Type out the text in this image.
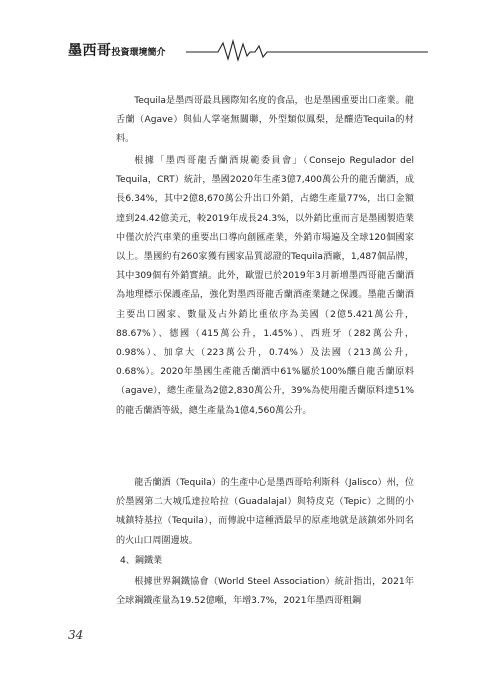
墨西哥投資環境簡介

Tequila是墨西哥最具國際知名度的食品，也是墨國重要出口產業。龍舌蘭（Agave）與仙人掌毫無關聯，外型類似鳳梨，是釀造Tequila的材料。

根據「墨西哥龍舌蘭酒規範委員會」（Consejo Regulador del Tequila，CRT）統計，墨國2020年生產3億7,400萬公升的龍舌蘭酒，成長6.34%，其中2億8,670萬公升出口外銷，占總生產量77%，出口金額達到24.42億美元，較2019年成長24.3%，以外銷比重而言是墨國製造業中僅次於汽車業的重要出口導向創匯產業，外銷市場遍及全球120個國家以上。墨國約有260家獲有國家品質認證的Tequila酒廠，1,487個品牌，其中309個有外銷實績。此外，歐盟已於2019年3月新增墨西哥龍舌蘭酒為地理標示保護產品，強化對墨西哥龍舌蘭酒產業鏈之保護。墨龍舌蘭酒主要出口國家、數量及占外銷比重依序為美國（2億5.421萬公升，88.67%）、德國（415萬公升，1.45%）、西班牙（282萬公升，0.98%）、加拿大（223萬公升，0.74%）及法國（213萬公升，0.68%）。2020年墨國生產龍舌蘭酒中61%屬於100%釀自龍舌蘭原料（agave），總生產量為2億2,830萬公升，39%為使用龍舌蘭原料達51%的龍舌蘭酒等級，總生產量為1億4,560萬公升。

龍舌蘭酒（Tequila）的生產中心是墨西哥哈利斯科（Jalisco）州，位於墨國第二大城瓜達拉哈拉（Guadalajal）與特皮克（Tepic）之間的小城鎮特基拉（Tequila），而傳說中這種酒最早的原產地就是該鎮郊外同名的火山口周圍邊坡。

4、鋼鐵業

根據世界鋼鐵協會（World Steel Association）統計指出，2021年全球鋼鐵產量為19.52億噸，年增3.7%，2021年墨西哥粗鋼

34
